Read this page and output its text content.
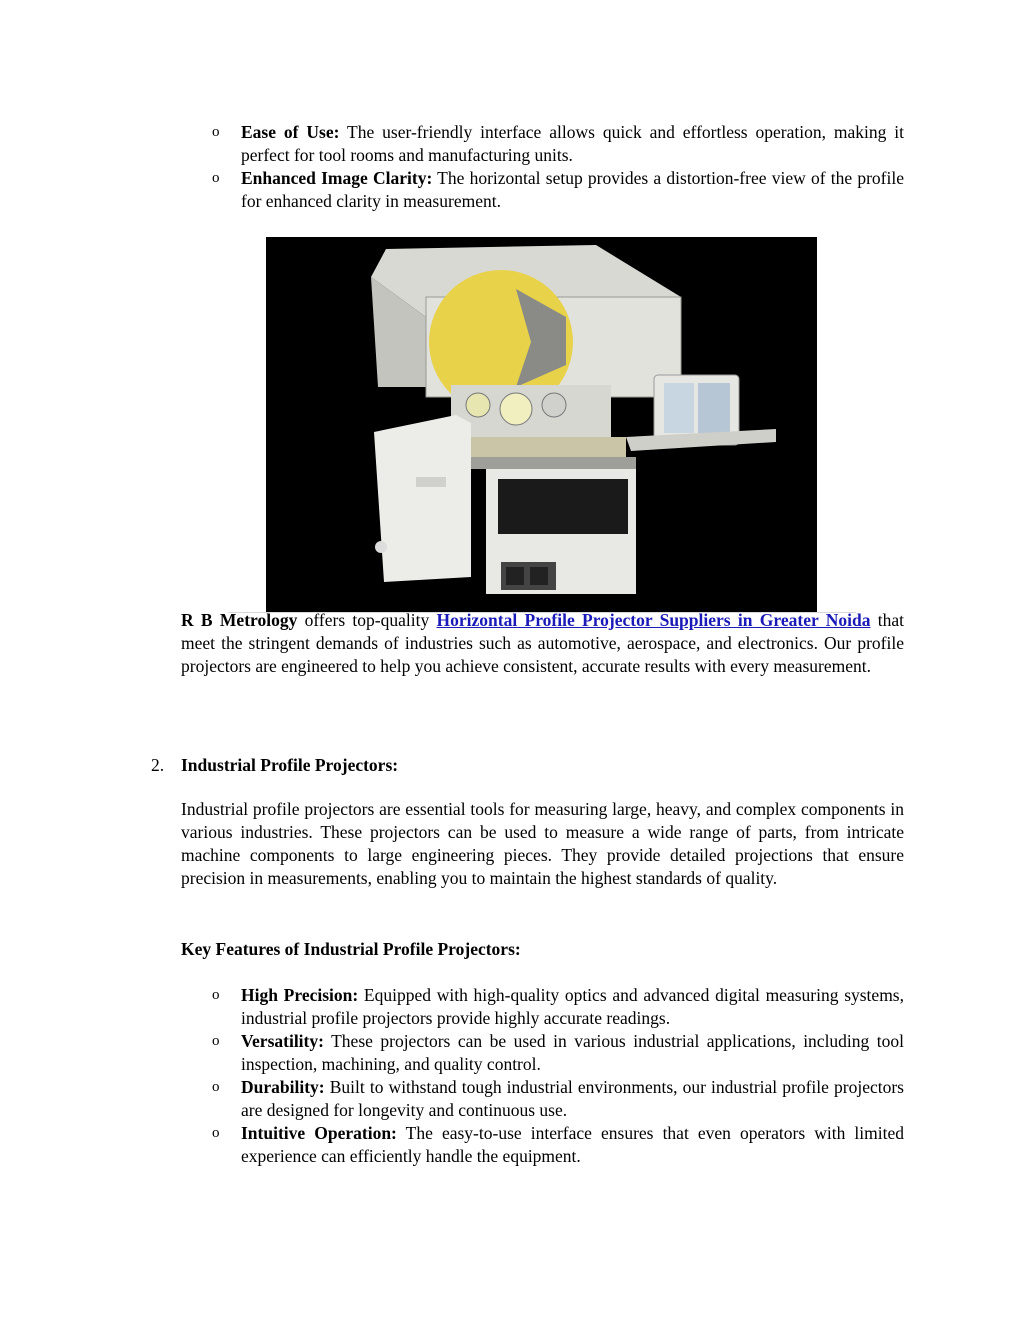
o Ease of Use: The user-friendly interface allows quick and effortless operation, making it perfect for tool rooms and manufacturing units.
o Enhanced Image Clarity: The horizontal setup provides a distortion-free view of the profile for enhanced clarity in measurement.
R B Metrology offers top-quality Horizontal Profile Projector Suppliers in Greater Noida that meet the stringent demands of industries such as automotive, aerospace, and electronics. Our profile projectors are engineered to help you achieve consistent, accurate results with every measurement.
2. Industrial Profile Projectors:
Industrial profile projectors are essential tools for measuring large, heavy, and complex components in various industries. These projectors can be used to measure a wide range of parts, from intricate machine components to large engineering pieces. They provide detailed projections that ensure precision in measurements, enabling you to maintain the highest standards of quality.
Key Features of Industrial Profile Projectors:
o High Precision: Equipped with high-quality optics and advanced digital measuring systems, industrial profile projectors provide highly accurate readings.
o Versatility: These projectors can be used in various industrial applications, including tool inspection, machining, and quality control.
o Durability: Built to withstand tough industrial environments, our industrial profile projectors are designed for longevity and continuous use.
o Intuitive Operation: The easy-to-use interface ensures that even operators with limited experience can efficiently handle the equipment.
